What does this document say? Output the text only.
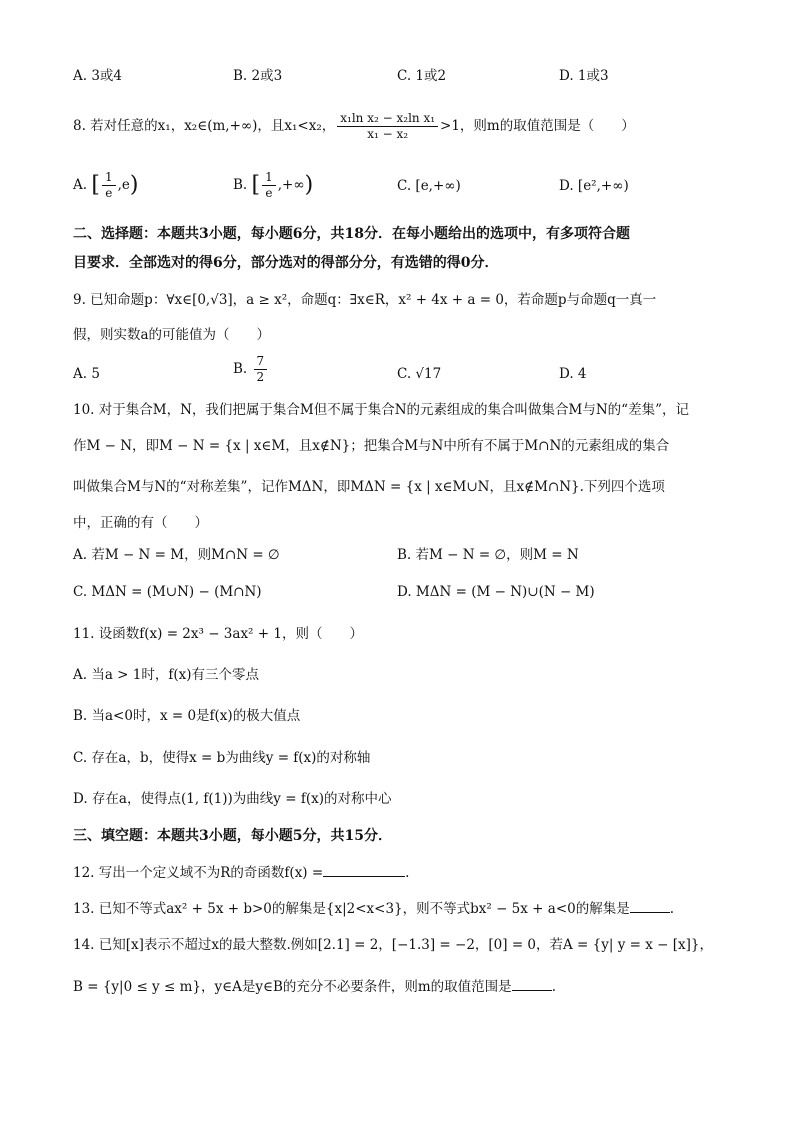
A. 3或4	B. 2或3	C. 1或2	D. 1或3
8. 若对任意的x₁，x₂∈(m,+∞)，且x₁<x₂， $\frac{\text{x₁ln x₂ − x₂ln x₁}}{\text{x₁ − x₂}} >1$，则m的取值范围是（　　）
A. [ $\frac{1}{e} ,e$)	B. [ $\frac{1}{e}$ ,+∞)	C. [e,+∞)	D. [e²,+∞)
二、选择题：本题共3小题，每小题6分，共18分．在每小题给出的选项中，有多项符合题
目要求．全部选对的得6分，部分选对的得部分分，有选错的得0分．
9. 已知命题p：∀x∈[0,√3]，a ≥ x²，命题q：∃x∈R，x² + 4x + a = 0，若命题p与命题q一真一
假，则实数a的可能值为（　　）
A. 5	B. $\frac{7}{2}$	C. √17	D. 4
10. 对于集合M，N，我们把属于集合M但不属于集合N的元素组成的集合叫做集合M与N的“差集”，记
作M − N，即M − N = {x | x∈M，且x∉N}；把集合M与N中所有不属于M∩N的元素组成的集合
叫做集合M与N的“对称差集”，记作MΔN，即MΔN = {x | x∈M∪N，且x∉M∩N}.下列四个选项
中，正确的有（　　）
A. 若M − N = M，则M∩N = ∅	B. 若M − N = ∅，则M = N
C. MΔN = (M∪N) − (M∩N)	D. MΔN = (M − N)∪(N − M)
11. 设函数f(x) = 2x³ − 3ax² + 1，则（　　）
A. 当a > 1时，f(x)有三个零点
B. 当a<0时，x = 0是f(x)的极大值点
C. 存在a，b，使得x = b为曲线y = f(x)的对称轴
D. 存在a，使得点(1, f(1))为曲线y = f(x)的对称中心
三、填空题：本题共3小题，每小题5分，共15分．
12. 写出一个定义域不为R的奇函数f(x) =	.
13. 已知不等式ax² + 5x + b>0的解集是{x|2<x<3}，则不等式bx² − 5x + a<0的解集是	.
14. 已知[x]表示不超过x的最大整数.例如[2.1] = 2，[−1.3] = −2，[0] = 0，若A = {y| y = x − [x]}，
B = {y|0 ≤ y ≤ m}，y∈A是y∈B的充分不必要条件，则m的取值范围是	.
